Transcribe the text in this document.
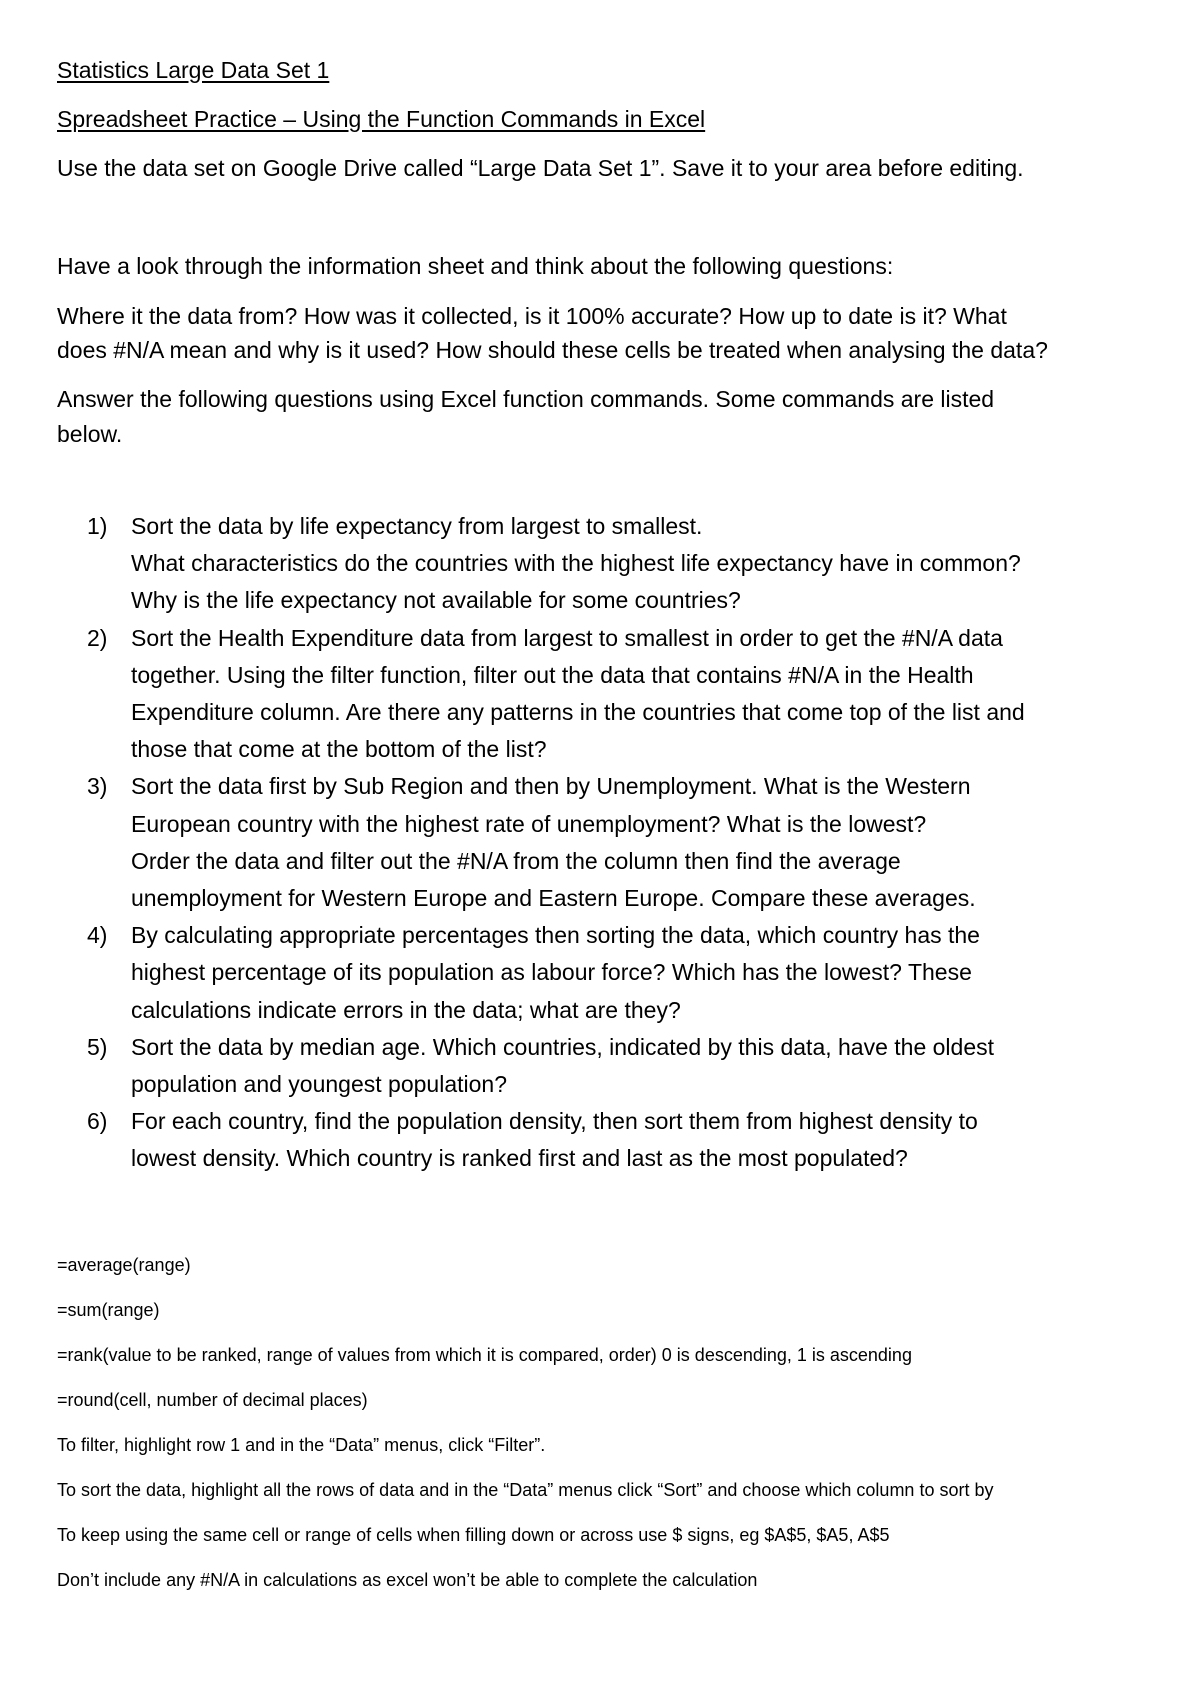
Statistics Large Data Set 1

Spreadsheet Practice – Using the Function Commands in Excel

Use the data set on Google Drive called “Large Data Set 1”. Save it to your area before editing.

Have a look through the information sheet and think about the following questions:

Where it the data from? How was it collected, is it 100% accurate? How up to date is it? What

does #N/A mean and why is it used? How should these cells be treated when analysing the data?

Answer the following questions using Excel function commands. Some commands are listed

below.

1) Sort the data by life expectancy from largest to smallest.
What characteristics do the countries with the highest life expectancy have in common?
Why is the life expectancy not available for some countries?
2) Sort the Health Expenditure data from largest to smallest in order to get the #N/A data
together. Using the filter function, filter out the data that contains #N/A in the Health
Expenditure column. Are there any patterns in the countries that come top of the list and
those that come at the bottom of the list?
3) Sort the data first by Sub Region and then by Unemployment. What is the Western
European country with the highest rate of unemployment? What is the lowest?
Order the data and filter out the #N/A from the column then find the average
unemployment for Western Europe and Eastern Europe. Compare these averages.
4) By calculating appropriate percentages then sorting the data, which country has the
highest percentage of its population as labour force? Which has the lowest? These
calculations indicate errors in the data; what are they?
5) Sort the data by median age. Which countries, indicated by this data, have the oldest
population and youngest population?
6) For each country, find the population density, then sort them from highest density to
lowest density. Which country is ranked first and last as the most populated?

=average(range)

=sum(range)

=rank(value to be ranked, range of values from which it is compared, order) 0 is descending, 1 is ascending

=round(cell, number of decimal places)

To filter, highlight row 1 and in the “Data” menus, click “Filter”.

To sort the data, highlight all the rows of data and in the “Data” menus click “Sort” and choose which column to sort by

To keep using the same cell or range of cells when filling down or across use $ signs, eg $A$5, $A5, A$5

Don’t include any #N/A in calculations as excel won’t be able to complete the calculation
